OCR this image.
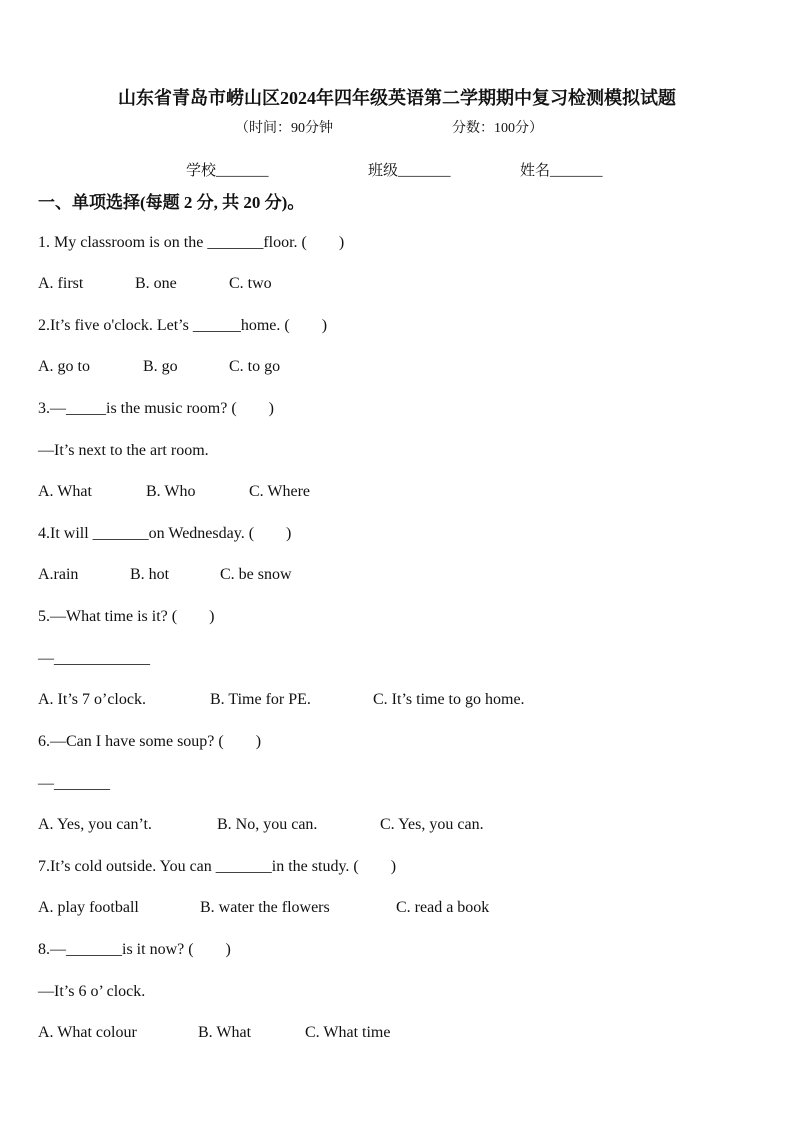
山东省青岛市崂山区2024年四年级英语第二学期期中复习检测模拟试题
（时间：90分钟	分数：100分）
学校_______	班级_______	姓名_______
一、单项选择(每题 2 分, 共 20 分)。
1. My classroom is on the _______floor. (　　)
A. first	B. one	C. two
2.It’s five o'clock. Let’s ______home. (　　)
A. go to	B. go	C. to go
3.—_____is the music room? (　　)
—It’s next to the art room.
A. What	B. Who	C. Where
4.It will _______on Wednesday. (　　)
A.rain	B. hot	C. be snow
5.—What time is it? (　　)
—____________
A. It’s 7 o’clock.	B. Time for PE.	C. It’s time to go home.
6.—Can I have some soup? (　　)
—_______
A. Yes, you can’t.	B. No, you can.	C. Yes, you can.
7.It’s cold outside. You can _______in the study. (　　)
A. play football	B. water the flowers	C. read a book
8.—_______is it now? (　　)
—It’s 6 o’ clock.
A. What colour	B. What	C. What time
